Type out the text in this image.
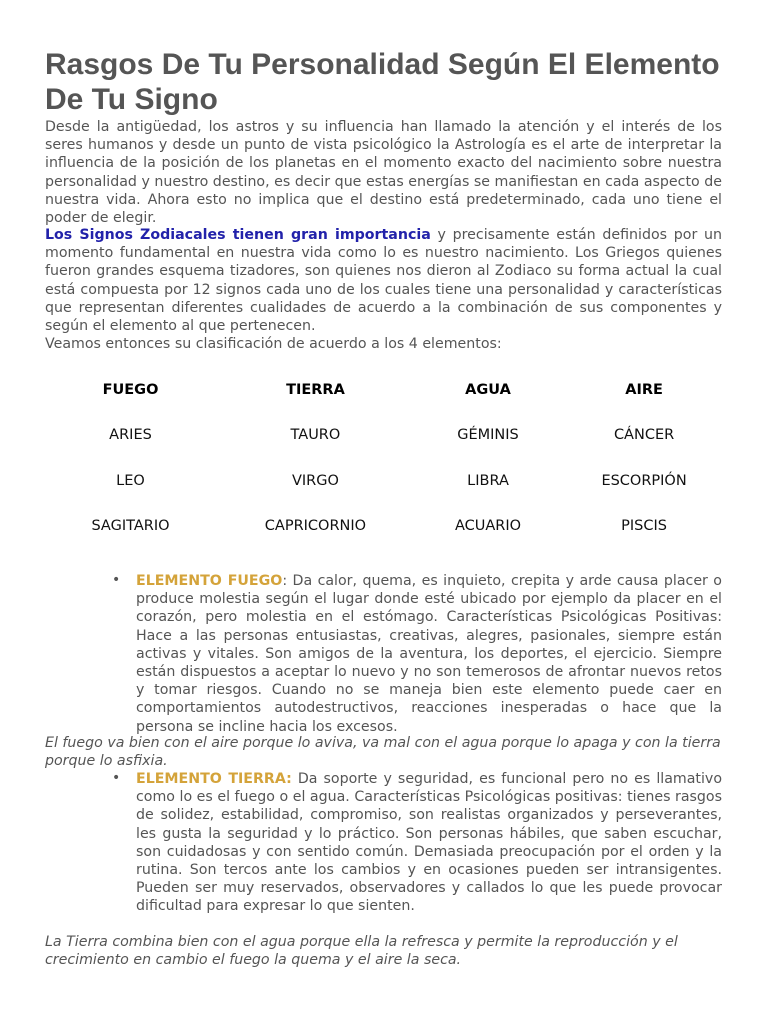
Rasgos De Tu Personalidad Según El Elemento De Tu Signo

Desde la antigüedad, los astros y su influencia han llamado la atención y el interés de los seres humanos y desde un punto de vista psicológico la Astrología es el arte de interpretar la influencia de la posición de los planetas en el momento exacto del nacimiento sobre nuestra personalidad y nuestro destino, es decir que estas energías se manifiestan en cada aspecto de nuestra vida. Ahora esto no implica que el destino está predeterminado, cada uno tiene el poder de elegir.

Los Signos Zodiacales tienen gran importancia y precisamente están definidos por un momento fundamental en nuestra vida como lo es nuestro nacimiento. Los Griegos quienes fueron grandes esquema tizadores, son quienes nos dieron al Zodiaco su forma actual la cual está compuesta por 12 signos cada uno de los cuales tiene una personalidad y características que representan diferentes cualidades de acuerdo a la combinación de sus componentes y según el elemento al que pertenecen.

Veamos entonces su clasificación de acuerdo a los 4 elementos:

FUEGO	TIERRA	AGUA	AIRE
ARIES	TAURO	GÉMINIS	CÁNCER
LEO	VIRGO	LIBRA	ESCORPIÓN
SAGITARIO	CAPRICORNIO	ACUARIO	PISCIS
• ELEMENTO FUEGO: Da calor, quema, es inquieto, crepita y arde causa placer o produce molestia según el lugar donde esté ubicado por ejemplo da placer en el corazón, pero molestia en el estómago. Características Psicológicas Positivas: Hace a las personas entusiastas, creativas, alegres, pasionales, siempre están activas y vitales. Son amigos de la aventura, los deportes, el ejercicio. Siempre están dispuestos a aceptar lo nuevo y no son temerosos de afrontar nuevos retos y tomar riesgos. Cuando no se maneja bien este elemento puede caer en comportamientos autodestructivos, reacciones inesperadas o hace que la persona se incline hacia los excesos.

El fuego va bien con el aire porque lo aviva, va mal con el agua porque lo apaga y con la tierra porque lo asfixia.

• ELEMENTO TIERRA: Da soporte y seguridad, es funcional pero no es llamativo como lo es el fuego o el agua. Características Psicológicas positivas: tienes rasgos de solidez, estabilidad, compromiso, son realistas organizados y perseverantes, les gusta la seguridad y lo práctico. Son personas hábiles, que saben escuchar, son cuidadosas y con sentido común. Demasiada preocupación por el orden y la rutina. Son tercos ante los cambios y en ocasiones pueden ser intransigentes. Pueden ser muy reservados, observadores y callados lo que les puede provocar dificultad para expresar lo que sienten.

La Tierra combina bien con el agua porque ella la refresca y permite la reproducción y el crecimiento en cambio el fuego la quema y el aire la seca.
